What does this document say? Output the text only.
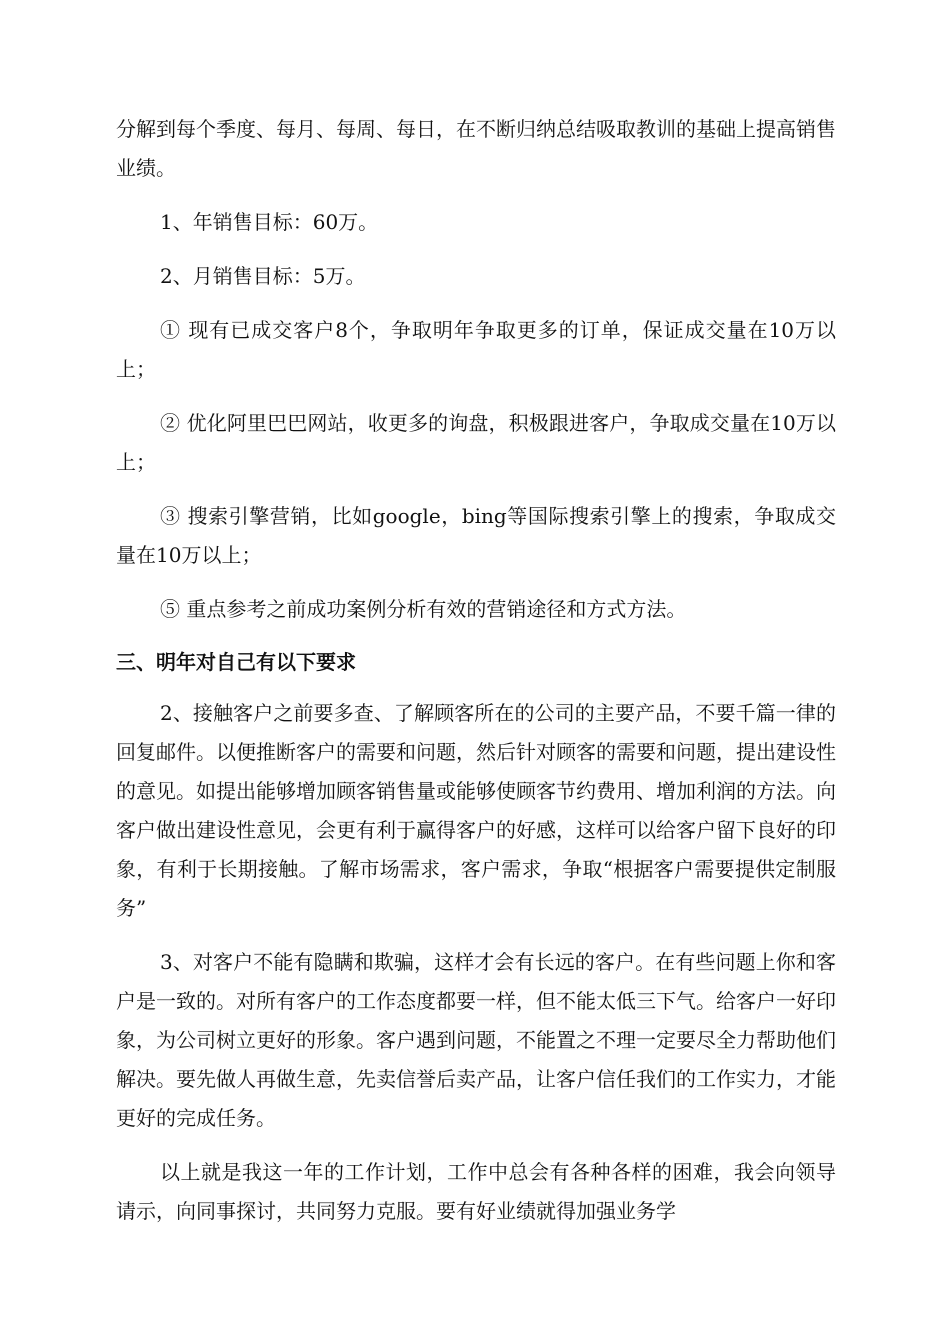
分解到每个季度、每月、每周、每日，在不断归纳总结吸取教训的基础上提高销售业绩。

1、年销售目标：60万。

2、月销售目标：5万。

① 现有已成交客户8个，争取明年争取更多的订单，保证成交量在10万以上；

② 优化阿里巴巴网站，收更多的询盘，积极跟进客户，争取成交量在10万以上；

③ 搜索引擎营销，比如google，bing等国际搜索引擎上的搜索，争取成交量在10万以上；

⑤ 重点参考之前成功案例分析有效的营销途径和方式方法。

三、明年对自己有以下要求

2、接触客户之前要多查、了解顾客所在的公司的主要产品，不要千篇一律的回复邮件。以便推断客户的需要和问题，然后针对顾客的需要和问题，提出建设性的意见。如提出能够增加顾客销售量或能够使顾客节约费用、增加利润的方法。向客户做出建设性意见，会更有利于赢得客户的好感，这样可以给客户留下良好的印象，有利于长期接触。了解市场需求，客户需求，争取“根据客户需要提供定制服务”

3、对客户不能有隐瞒和欺骗，这样才会有长远的客户。在有些问题上你和客户是一致的。对所有客户的工作态度都要一样，但不能太低三下气。给客户一好印象，为公司树立更好的形象。客户遇到问题，不能置之不理一定要尽全力帮助他们解决。要先做人再做生意，先卖信誉后卖产品，让客户信任我们的工作实力，才能更好的完成任务。

以上就是我这一年的工作计划，工作中总会有各种各样的困难，我会向领导请示，向同事探讨，共同努力克服。要有好业绩就得加强业务学
